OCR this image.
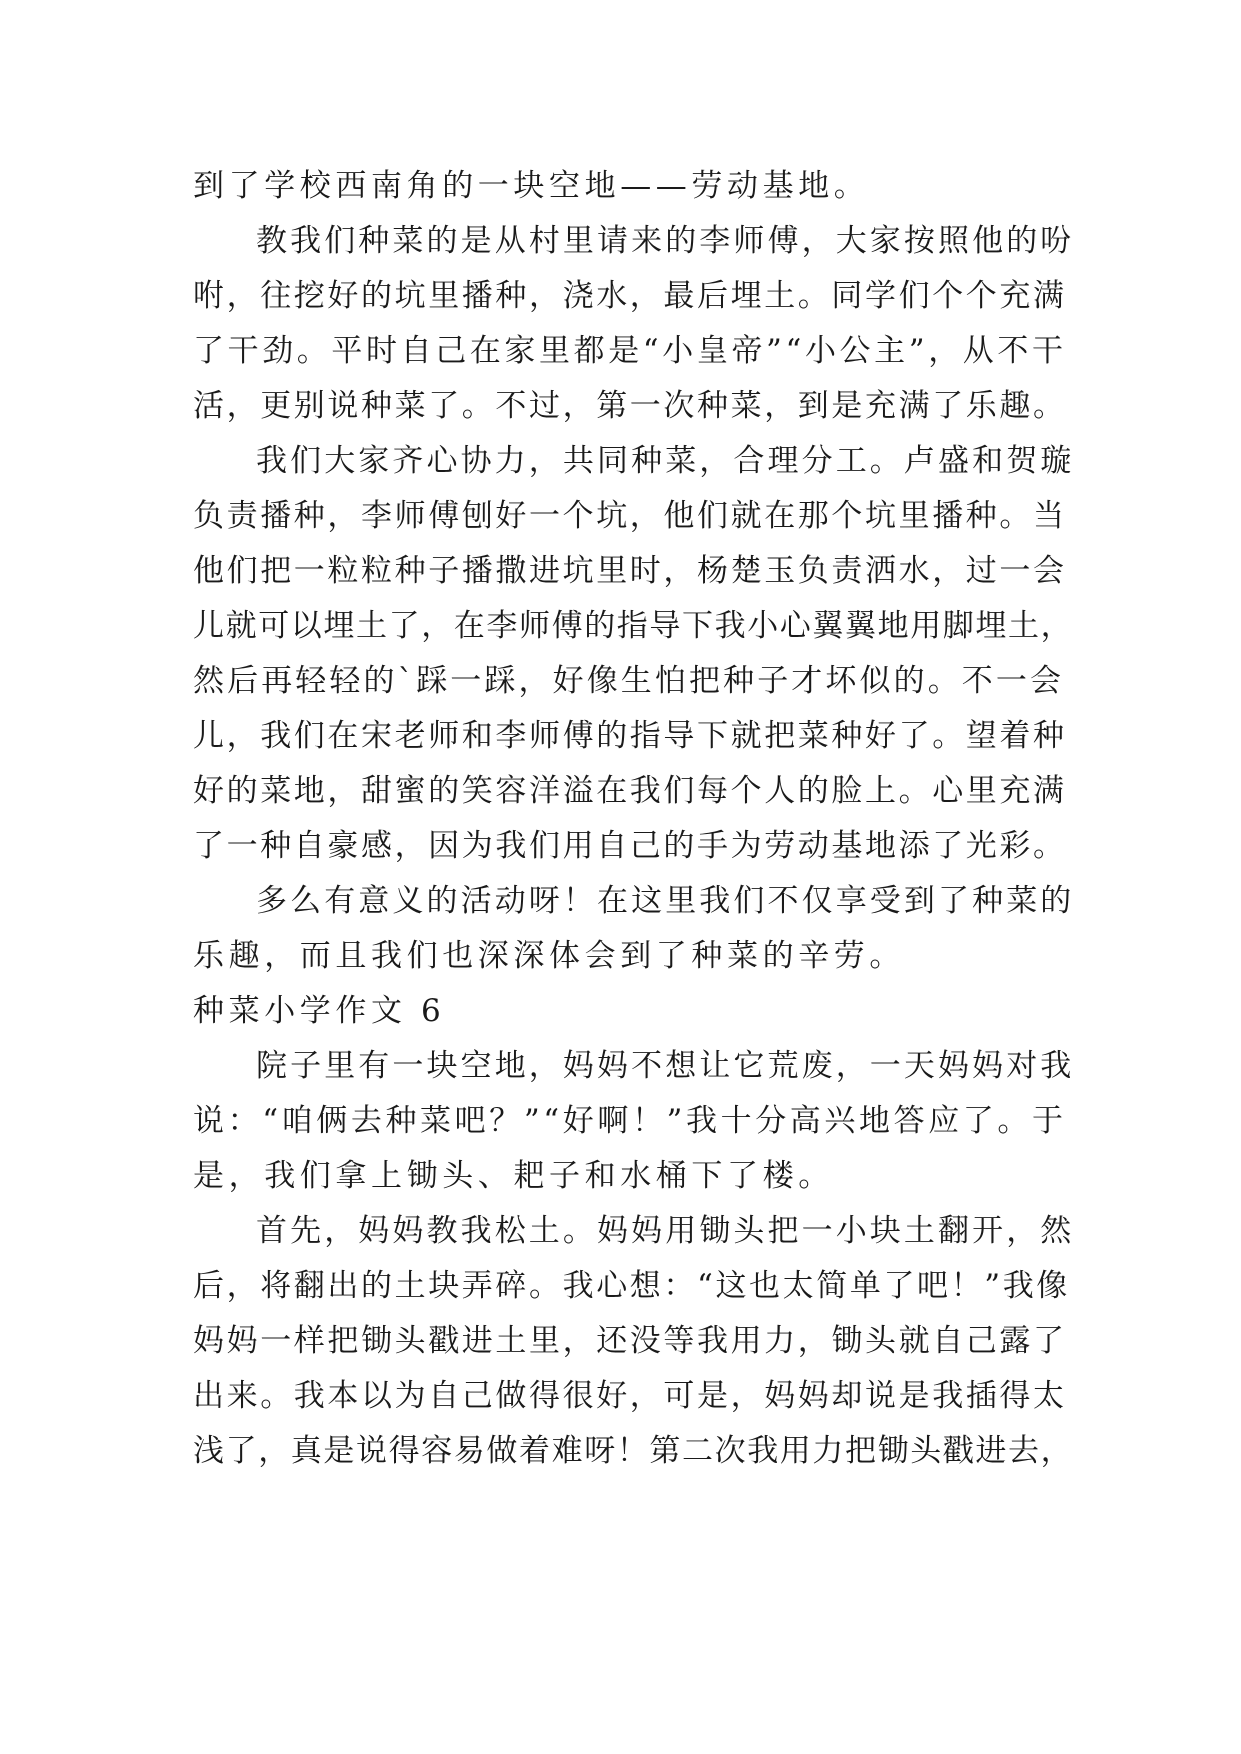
到了学校西南角的一块空地——劳动基地。
教我们种菜的是从村里请来的李师傅，大家按照他的吩
咐，往挖好的坑里播种，浇水，最后埋土。同学们个个充满
了干劲。平时自己在家里都是“小皇帝”“小公主”，从不干
活，更别说种菜了。不过，第一次种菜，到是充满了乐趣。
我们大家齐心协力，共同种菜，合理分工。卢盛和贺璇
负责播种，李师傅刨好一个坑，他们就在那个坑里播种。当
他们把一粒粒种子播撒进坑里时，杨楚玉负责洒水，过一会
儿就可以埋土了，在李师傅的指导下我小心翼翼地用脚埋土，
然后再轻轻的`踩一踩，好像生怕把种子才坏似的。不一会
儿，我们在宋老师和李师傅的指导下就把菜种好了。望着种
好的菜地，甜蜜的笑容洋溢在我们每个人的脸上。心里充满
了一种自豪感，因为我们用自己的手为劳动基地添了光彩。
多么有意义的活动呀！在这里我们不仅享受到了种菜的
乐趣，而且我们也深深体会到了种菜的辛劳。
种菜小学作文 6
院子里有一块空地，妈妈不想让它荒废，一天妈妈对我
说：“咱俩去种菜吧？”“好啊！”我十分高兴地答应了。于
是，我们拿上锄头、耙子和水桶下了楼。
首先，妈妈教我松土。妈妈用锄头把一小块土翻开，然
后，将翻出的土块弄碎。我心想：“这也太简单了吧！”我像
妈妈一样把锄头戳进土里，还没等我用力，锄头就自己露了
出来。我本以为自己做得很好，可是，妈妈却说是我插得太
浅了，真是说得容易做着难呀！第二次我用力把锄头戳进去，
